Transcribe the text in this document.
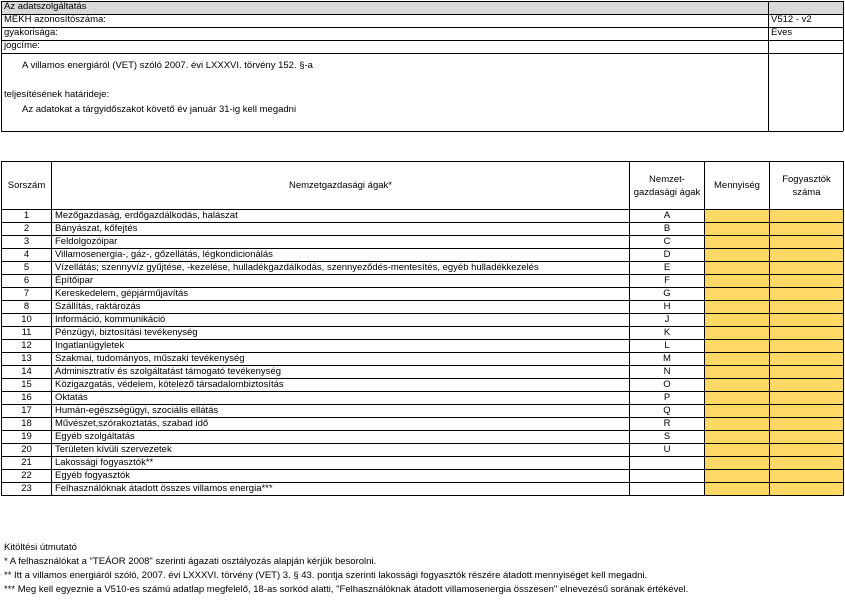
Az adatszolgáltatás
MEKH azonosítószáma:	V512 - v2
gyakorisága:	Éves
jogcíme:
A villamos energiáról (VET) szóló 2007. évi LXXXVI. törvény 152. §-a
teljesítésének határideje:
Az adatokat a tárgyidőszakot követő év január 31-ig kell megadni
Sorszám	Nemzetgazdasági ágak*	Nemzet-gazdasági ágak	Mennyiség	Fogyasztók száma
1	Mezőgazdaság, erdőgazdálkodás, halászat	A		
2	Bányászat, kőfejtés	B		
3	Feldolgozóipar	C		
4	Villamosenergia-, gáz-, gőzellátás, légkondicionálás	D		
5	Vízellátás; szennyvíz gyűjtése, -kezelése, hulladékgazdálkodás, szennyeződés-mentesítés, egyéb hulladékkezelés	E		
6	Építőipar	F		
7	Kereskedelem, gépjárműjavítás	G		
8	Szállítás, raktározás	H		
10	Információ, kommunikáció	J		
11	Pénzügyi, biztosítási tevékenység	K		
12	Ingatlanügyletek	L		
13	Szakmai, tudományos, műszaki tevékenység	M		
14	Adminisztratív és szolgáltatást támogató tevékenység	N		
15	Közigazgatás, védelem, kötelező társadalombiztosítás	O		
16	Oktatás	P		
17	Humán-egészségügyi, szociális ellátás	Q		
18	Művészet,szórakoztatás, szabad idő	R		
19	Egyéb szolgáltatás	S		
20	Területen kívüli szervezetek	U		
21	Lakossági fogyasztók**			
22	Egyéb fogyasztók			
23	Felhasználóknak átadott összes villamos energia***			
Kitöltési útmutató
* A felhasználókat a "TEÁOR 2008" szerinti ágazati osztályozás alapján kérjük besorolni.
** Itt a villamos energiáról szóló, 2007. évi LXXXVI. törvény (VET) 3. § 43. pontja szerinti lakossági fogyasztók részére átadott mennyiséget kell megadni.
*** Meg kell egyeznie a V510-es számú adatlap megfelelő, 18-as sorkód alatti, "Felhasználóknak átadott villamosenergia összesen" elnevezésű sorának értékével.
